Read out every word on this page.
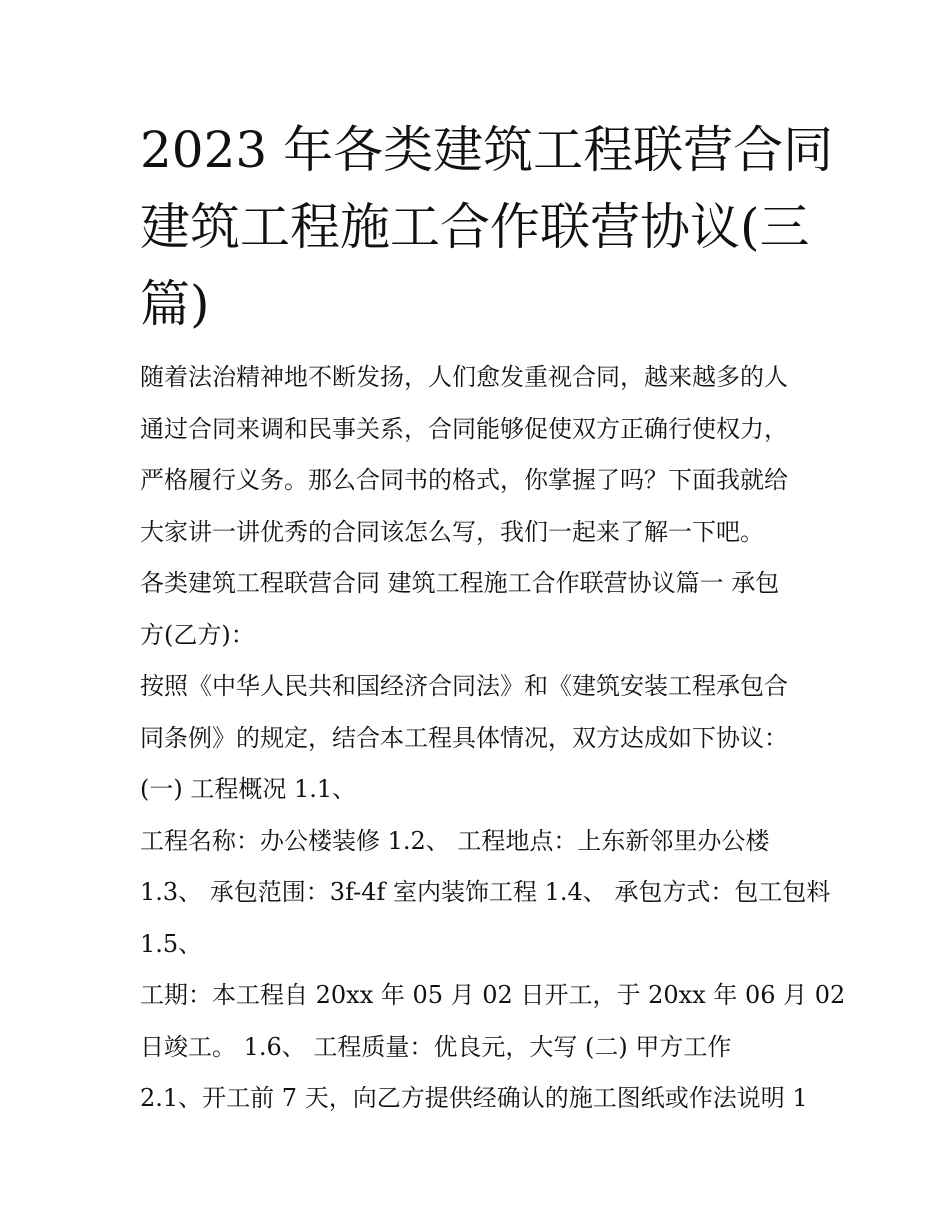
2023 年各类建筑工程联营合同
建筑工程施工合作联营协议(三
篇)
随着法治精神地不断发扬，人们愈发重视合同，越来越多的人
通过合同来调和民事关系，合同能够促使双方正确行使权力，
严格履行义务。那么合同书的格式，你掌握了吗？下面我就给
大家讲一讲优秀的合同该怎么写，我们一起来了解一下吧。
各类建筑工程联营合同 建筑工程施工合作联营协议篇一 承包
方(乙方)：
按照《中华人民共和国经济合同法》和《建筑安装工程承包合
同条例》的规定，结合本工程具体情况，双方达成如下协议：
(一) 工程概况 1.1、
工程名称：办公楼装修 1.2、 工程地点：上东新邻里办公楼
1.3、 承包范围：3f-4f 室内装饰工程 1.4、 承包方式：包工包料
1.5、
工期：本工程自 20xx 年 05 月 02 日开工，于 20xx 年 06 月 02
日竣工。 1.6、 工程质量：优良元，大写 (二) 甲方工作
2.1、开工前 7 天，向乙方提供经确认的施工图纸或作法说明 1
